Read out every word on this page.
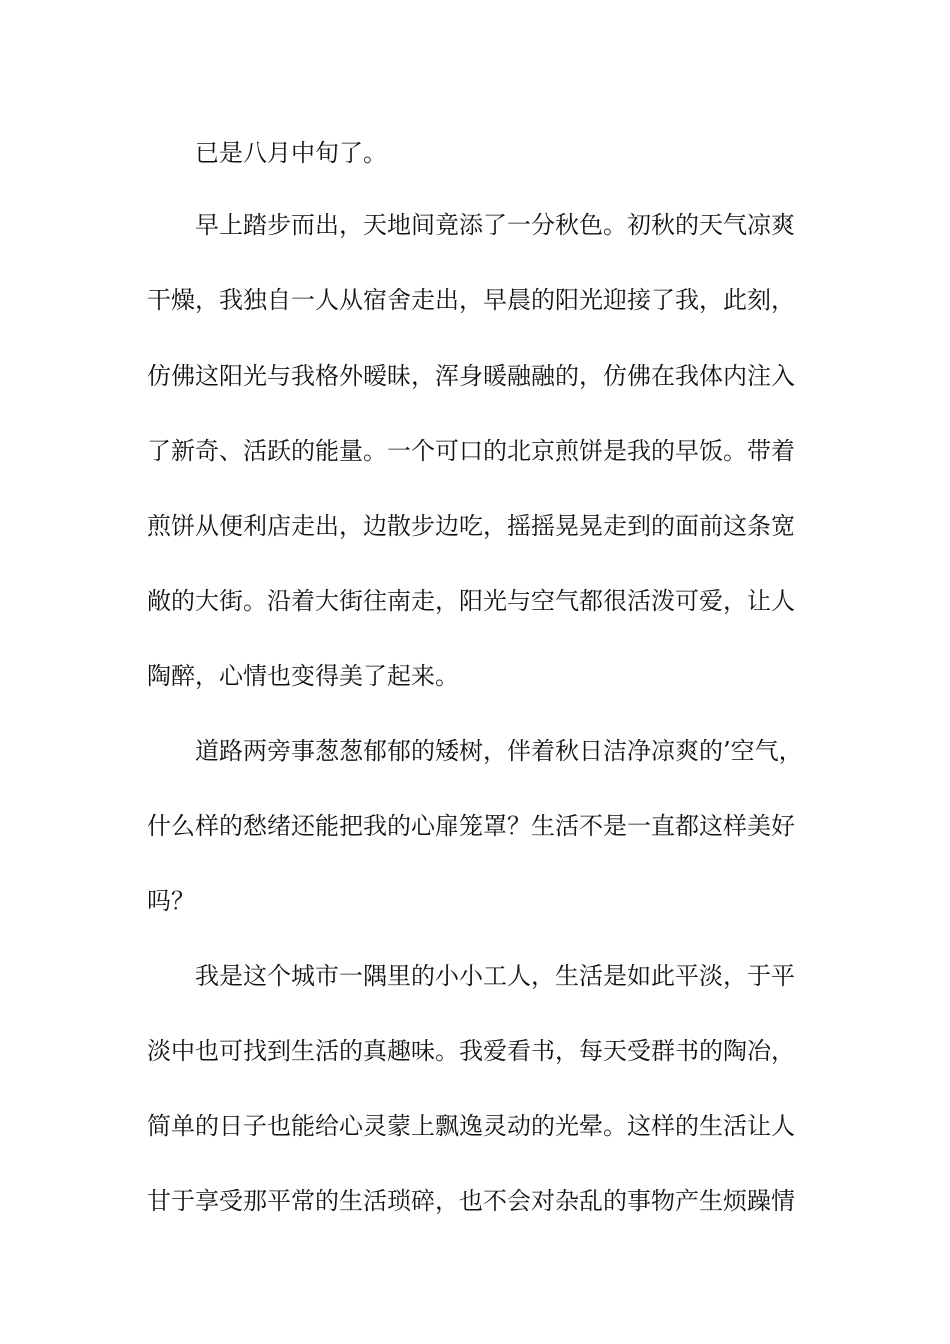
已是八月中旬了。
早上踏步而出，天地间竟添了一分秋色。初秋的天气凉爽
干燥，我独自一人从宿舍走出，早晨的阳光迎接了我，此刻，
仿佛这阳光与我格外暧昧，浑身暖融融的，仿佛在我体内注入
了新奇、活跃的能量。一个可口的北京煎饼是我的早饭。带着
煎饼从便利店走出，边散步边吃，摇摇晃晃走到的面前这条宽
敞的大街。沿着大街往南走，阳光与空气都很活泼可爱，让人
陶醉，心情也变得美了起来。
道路两旁事葱葱郁郁的矮树，伴着秋日洁净凉爽的’空气，
什么样的愁绪还能把我的心扉笼罩？生活不是一直都这样美好
吗？
我是这个城市一隅里的小小工人，生活是如此平淡，于平
淡中也可找到生活的真趣味。我爱看书，每天受群书的陶冶，
简单的日子也能给心灵蒙上飘逸灵动的光晕。这样的生活让人
甘于享受那平常的生活琐碎，也不会对杂乱的事物产生烦躁情
